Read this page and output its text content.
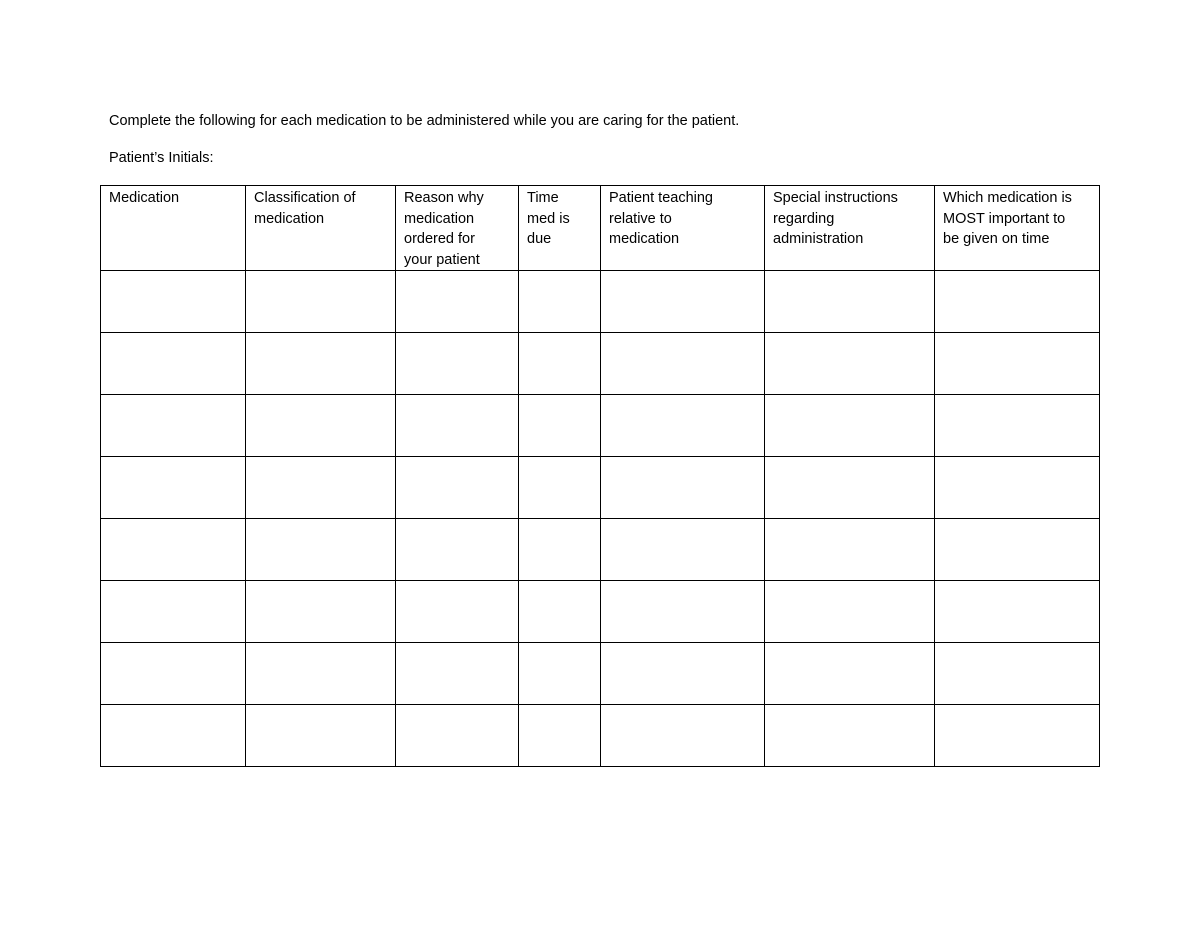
Complete the following for each medication to be administered while you are caring for the patient.
Patient’s Initials:
Medication	Classification of medication	Reason why medication ordered for your patient	Time med is due	Patient teaching relative to medication	Special instructions regarding administration	Which medication is MOST important to be given on time
